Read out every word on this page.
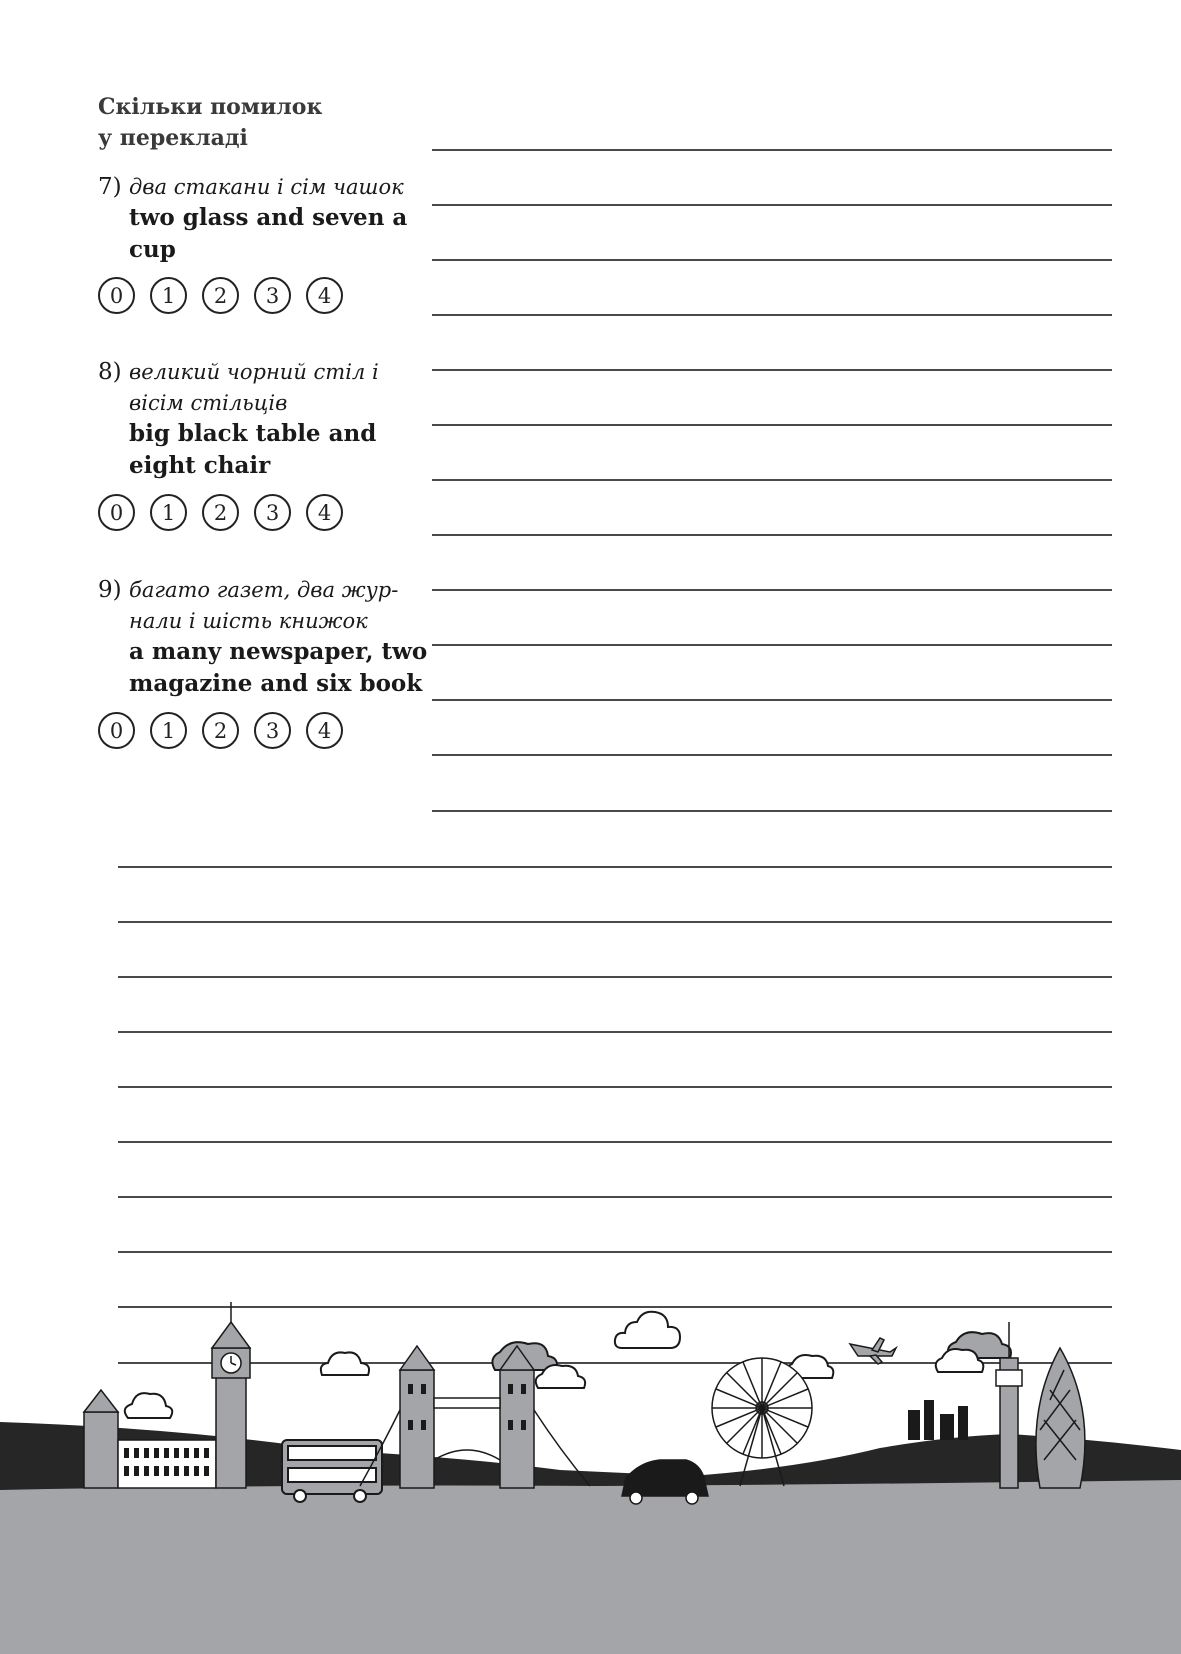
Скільки помилок
у перекладі
7) два стакани і сім чашок
two glass and seven a
cup
0	1	2	3	4
8) великий чорний стіл і
вісім стільців
big black table and
eight chair
0	1	2	3	4
9) багато газет, два жур-
нали і шість книжок
a many newspaper, two
magazine and six book
0	1	2	3	4
